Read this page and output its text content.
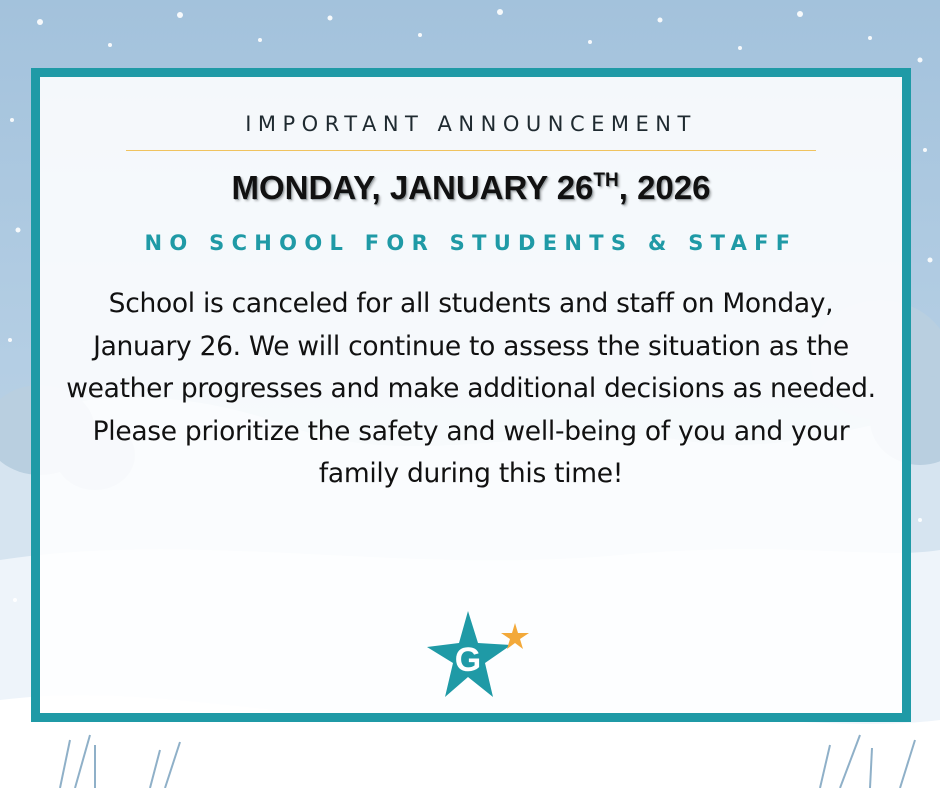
IMPORTANT ANNOUNCEMENT
MONDAY, JANUARY 26TH, 2026
NO SCHOOL FOR STUDENTS & STAFF
School is canceled for all students and staff on Monday, January 26. We will continue to assess the situation as the weather progresses and make additional decisions as needed. Please prioritize the safety and well-being of you and your family during this time!
G
